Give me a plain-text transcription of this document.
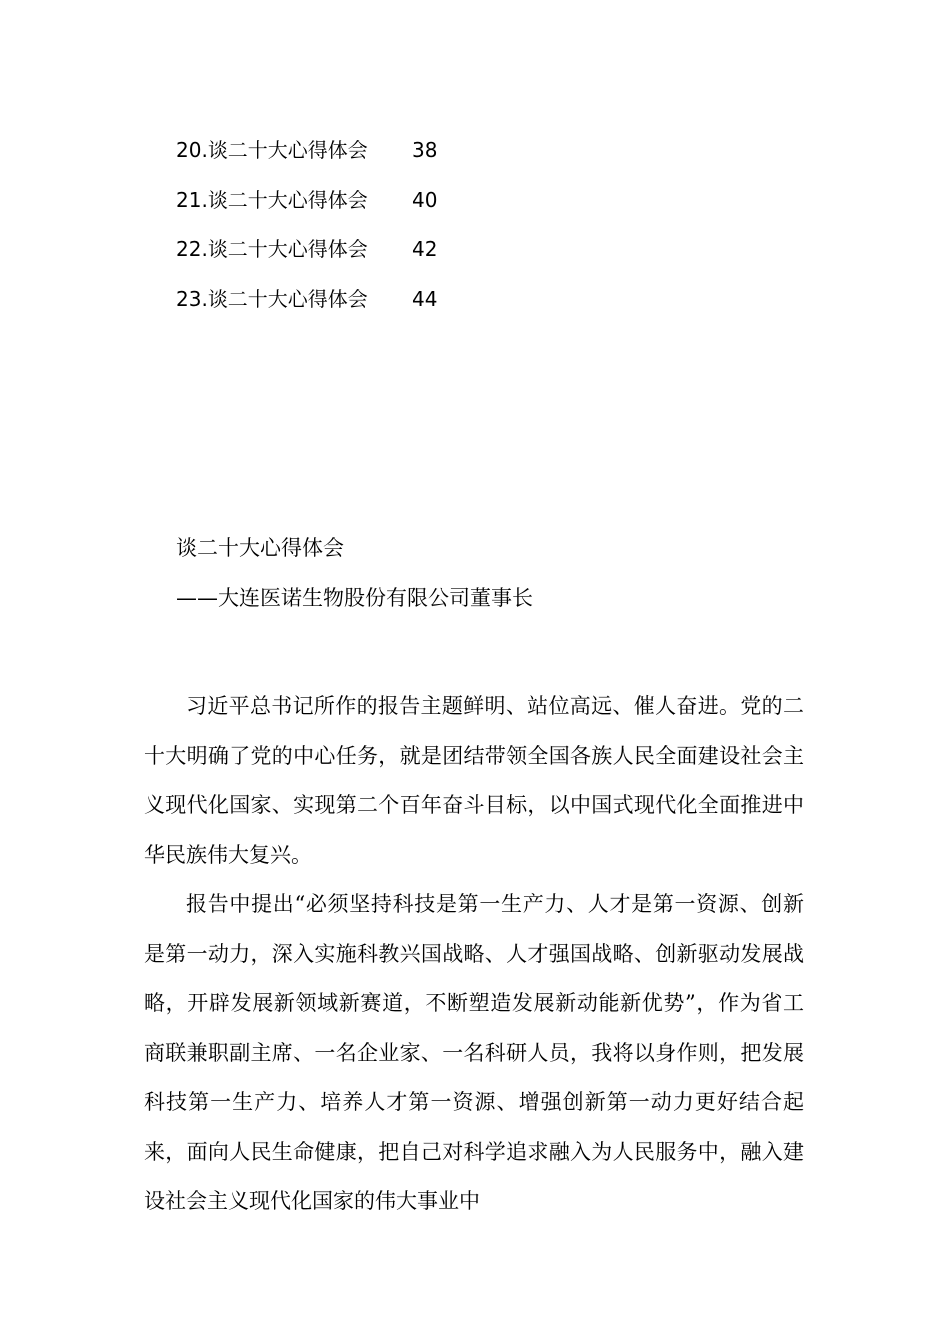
20.谈二十大心得体会 38
21.谈二十大心得体会 40
22.谈二十大心得体会 42
23.谈二十大心得体会 44
谈二十大心得体会
——大连医诺生物股份有限公司董事长

习近平总书记所作的报告主题鲜明、站位高远、催人奋进。党的二十大明确了党的中心任务，就是团结带领全国各族人民全面建设社会主义现代化国家、实现第二个百年奋斗目标，以中国式现代化全面推进中华民族伟大复兴。

报告中提出“必须坚持科技是第一生产力、人才是第一资源、创新是第一动力，深入实施科教兴国战略、人才强国战略、创新驱动发展战略，开辟发展新领域新赛道，不断塑造发展新动能新优势”，作为省工商联兼职副主席、一名企业家、一名科研人员，我将以身作则，把发展科技第一生产力、培养人才第一资源、增强创新第一动力更好结合起来，面向人民生命健康，把自己对科学追求融入为人民服务中，融入建设社会主义现代化国家的伟大事业中
